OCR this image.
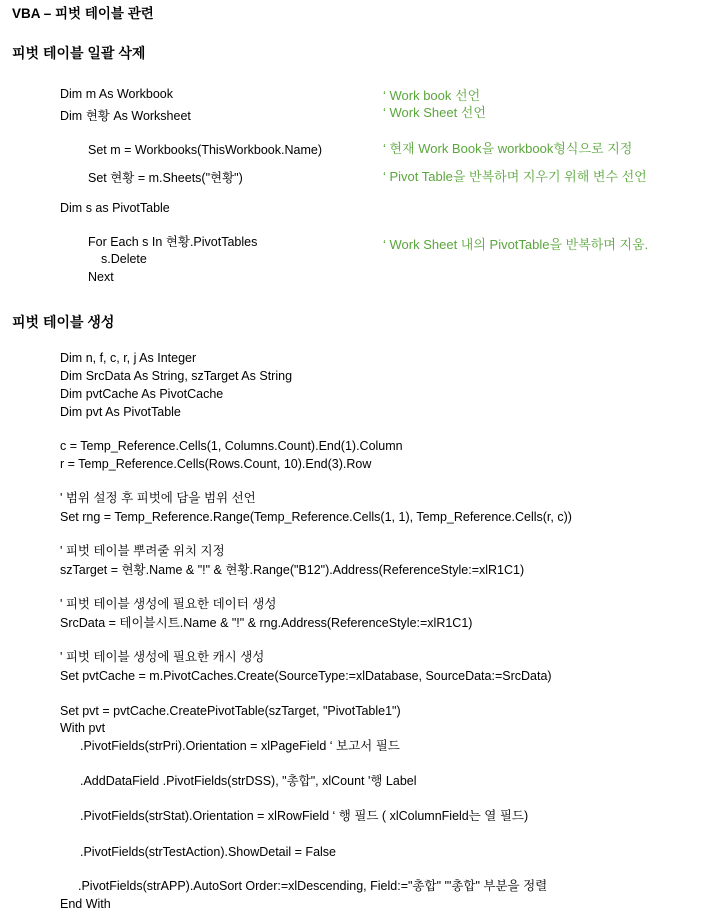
VBA – 피벗 테이블 관련
피벗 테이블 일괄 삭제
Dim m As Workbook
Dim 현황 As Worksheet
Set m = Workbooks(ThisWorkbook.Name)
Set 현황 = m.Sheets("현황")
Dim s as PivotTable
For Each s In 현황.PivotTables
s.Delete
Next
‘ Work book 선언
‘ Work Sheet 선언
‘ 현재 Work Book을 workbook형식으로 지정
‘ Pivot Table을 반복하며 지우기 위해 변수 선언
‘ Work Sheet 내의 PivotTable을 반복하며 지움.
피벗 테이블 생성
Dim n, f, c, r, j As Integer
Dim SrcData As String, szTarget As String
Dim pvtCache As PivotCache
Dim pvt As PivotTable
c = Temp_Reference.Cells(1, Columns.Count).End(1).Column
r = Temp_Reference.Cells(Rows.Count, 10).End(3).Row
' 범위 설정 후 피벗에 담을 범위 선언
Set rng = Temp_Reference.Range(Temp_Reference.Cells(1, 1), Temp_Reference.Cells(r, c))
' 피벗 테이블 뿌려줄 위치 지정
szTarget = 현황.Name & "!" & 현황.Range("B12").Address(ReferenceStyle:=xlR1C1)
' 피벗 테이블 생성에 필요한 데이터 생성
SrcData = 테이블시트.Name & "!" & rng.Address(ReferenceStyle:=xlR1C1)
' 피벗 테이블 생성에 필요한 캐시 생성
Set pvtCache = m.PivotCaches.Create(SourceType:=xlDatabase, SourceData:=SrcData)
Set pvt = pvtCache.CreatePivotTable(szTarget, "PivotTable1")
With pvt
.PivotFields(strPri).Orientation = xlPageField ‘ 보고서 필드
.AddDataField .PivotFields(strDSS), "총합", xlCount '행 Label
.PivotFields(strStat).Orientation = xlRowField ‘ 행 필드 ( xlColumnField는 열 필드)
.PivotFields(strTestAction).ShowDetail = False
.PivotFields(strAPP).AutoSort Order:=xlDescending, Field:="총합" '"총합" 부분을 정렬
End With
